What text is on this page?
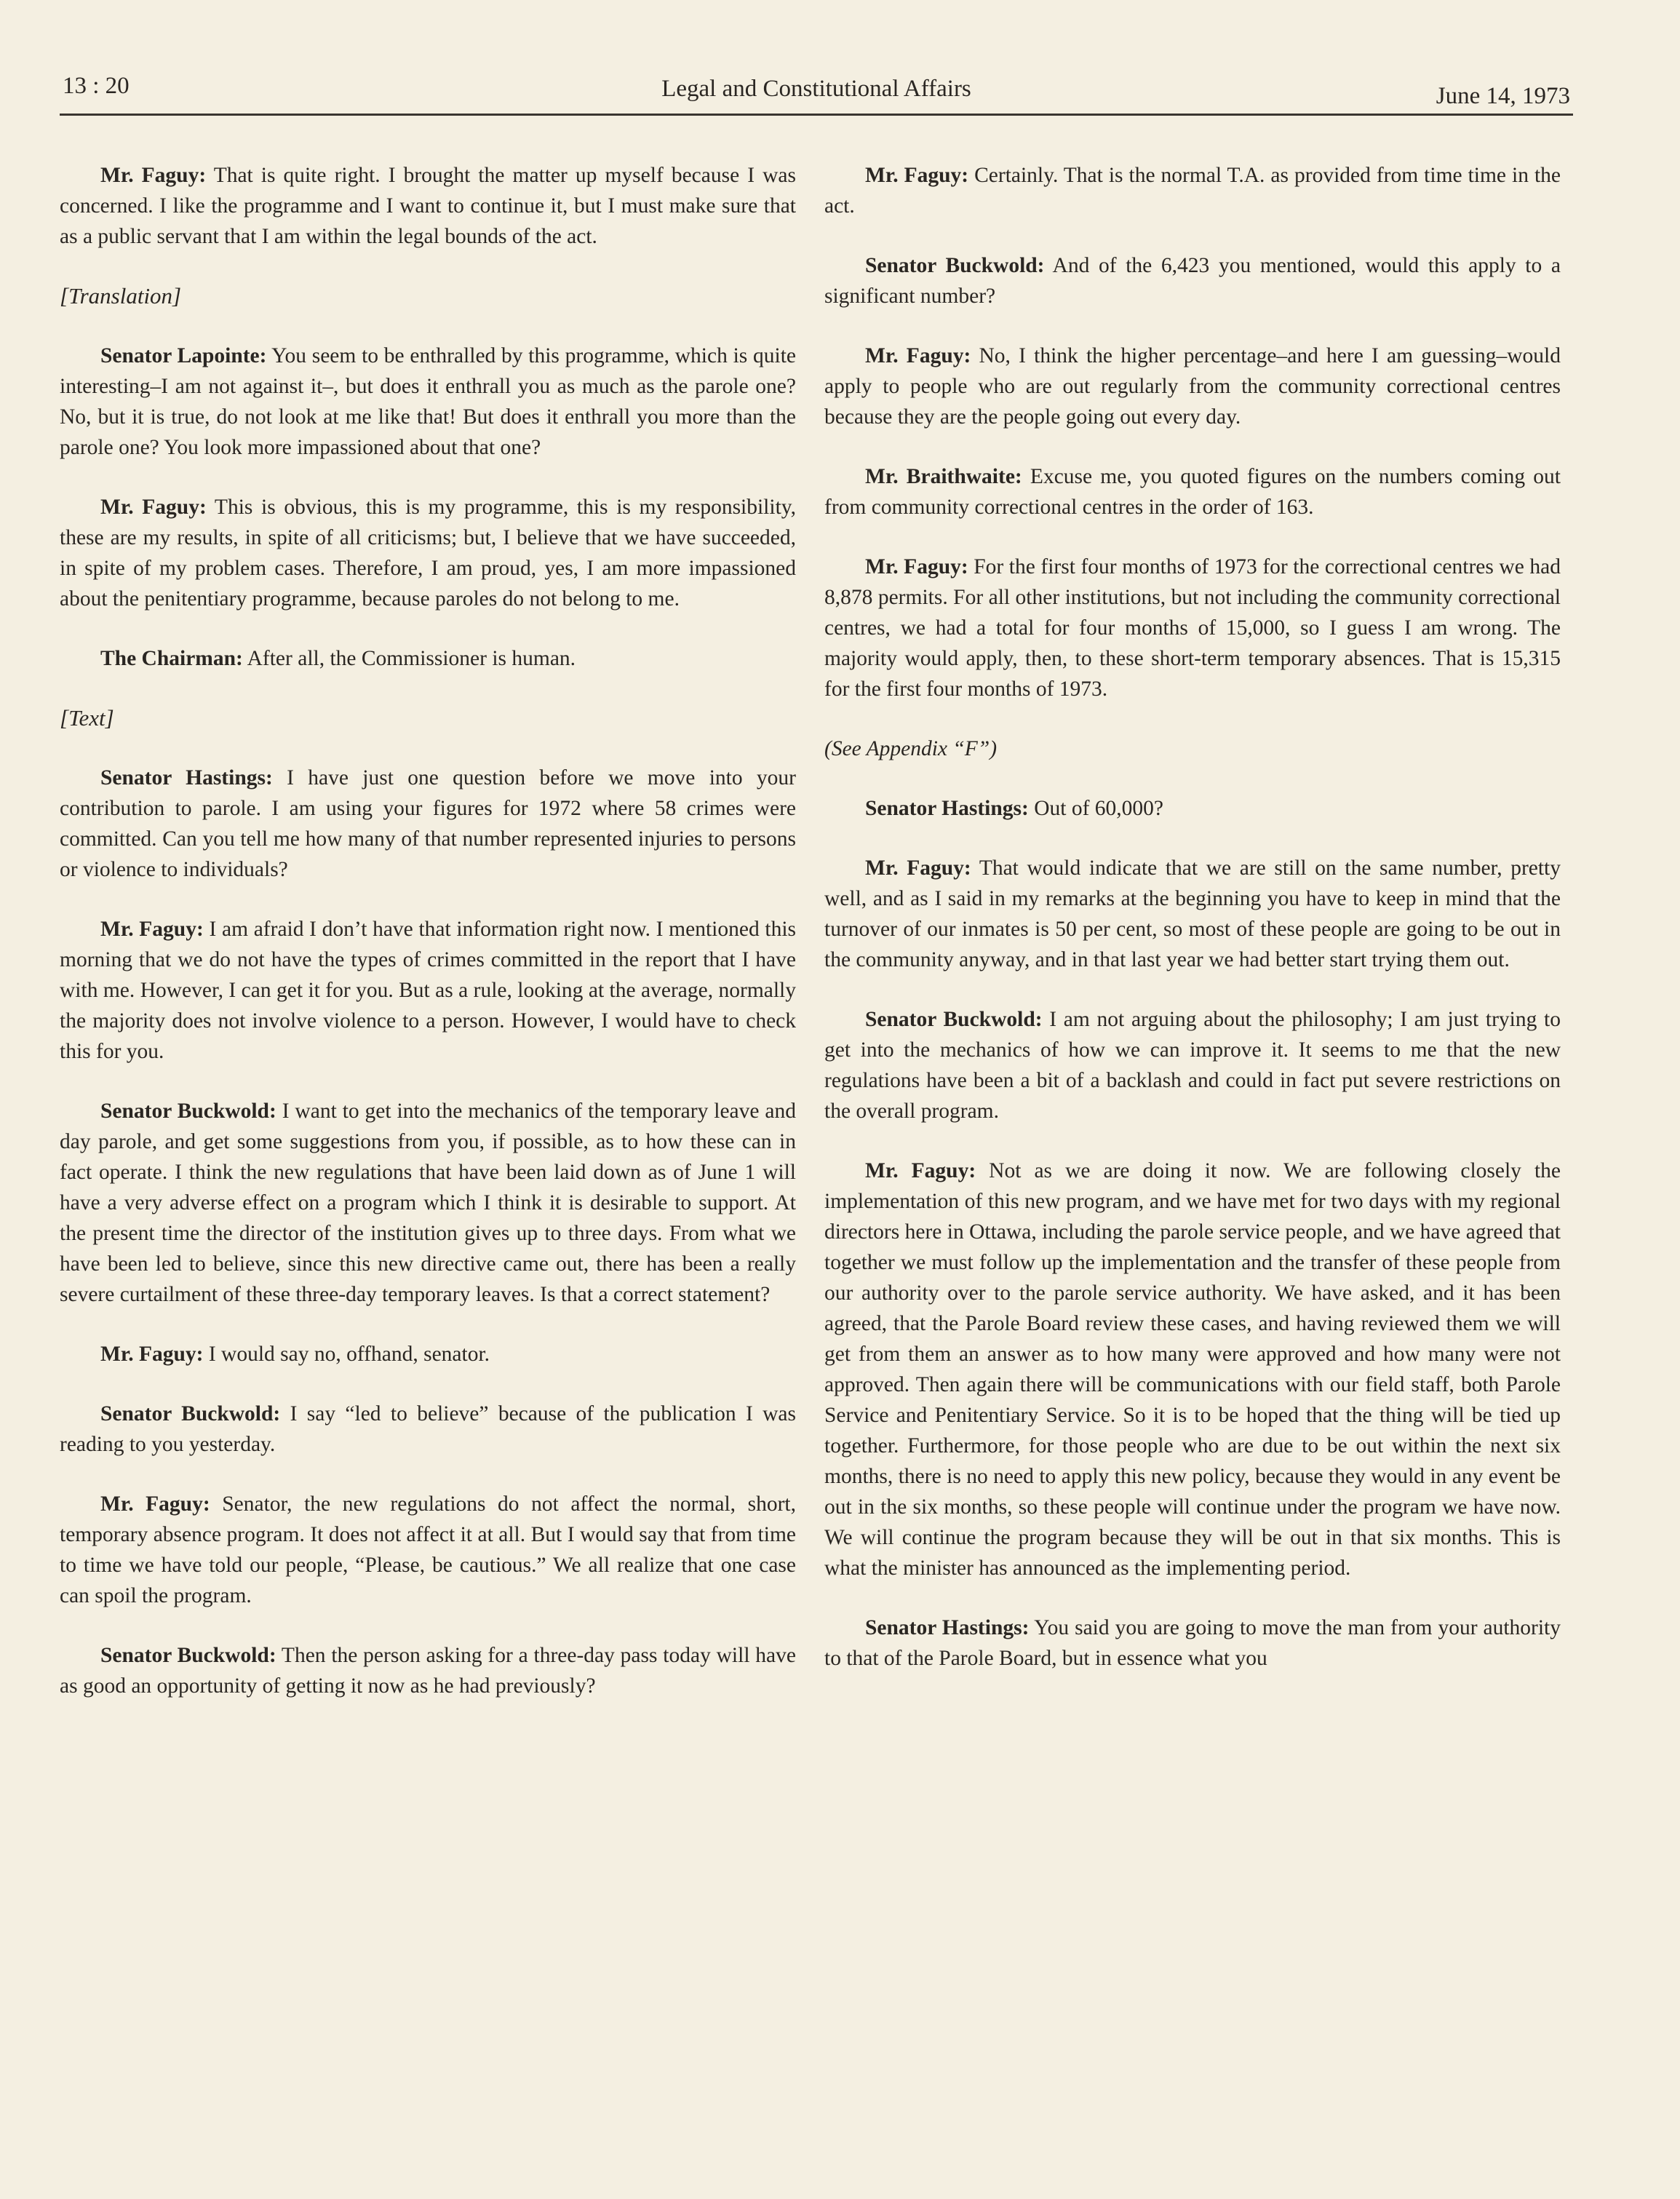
13 : 20	Legal and Constitutional Affairs	June 14, 1973

Mr. Faguy: That is quite right. I brought the matter up myself because I was concerned. I like the programme and I want to continue it, but I must make sure that as a public servant that I am within the legal bounds of the act.

[Translation]

Senator Lapointe: You seem to be enthralled by this programme, which is quite interesting–I am not against it–, but does it enthrall you as much as the parole one? No, but it is true, do not look at me like that! But does it enthrall you more than the parole one? You look more impassioned about that one?

Mr. Faguy: This is obvious, this is my programme, this is my responsibility, these are my results, in spite of all criticisms; but, I believe that we have succeeded, in spite of my problem cases. Therefore, I am proud, yes, I am more impassioned about the penitentiary programme, because paroles do not belong to me.

The Chairman: After all, the Commissioner is human.

[Text]

Senator Hastings: I have just one question before we move into your contribution to parole. I am using your figures for 1972 where 58 crimes were committed. Can you tell me how many of that number represented injuries to persons or violence to individuals?

Mr. Faguy: I am afraid I don’t have that information right now. I mentioned this morning that we do not have the types of crimes committed in the report that I have with me. However, I can get it for you. But as a rule, looking at the average, normally the majority does not involve violence to a person. However, I would have to check this for you.

Senator Buckwold: I want to get into the mechanics of the temporary leave and day parole, and get some suggestions from you, if possible, as to how these can in fact operate. I think the new regulations that have been laid down as of June 1 will have a very adverse effect on a program which I think it is desirable to support. At the present time the director of the institution gives up to three days. From what we have been led to believe, since this new directive came out, there has been a really severe curtailment of these three-day temporary leaves. Is that a correct statement?

Mr. Faguy: I would say no, offhand, senator.

Senator Buckwold: I say “led to believe” because of the publication I was reading to you yesterday.

Mr. Faguy: Senator, the new regulations do not affect the normal, short, temporary absence program. It does not affect it at all. But I would say that from time to time we have told our people, “Please, be cautious.” We all realize that one case can spoil the program.

Senator Buckwold: Then the person asking for a three-day pass today will have as good an opportunity of getting it now as he had previously?

Mr. Faguy: Certainly. That is the normal T.A. as provided from time time in the act.

Senator Buckwold: And of the 6,423 you mentioned, would this apply to a significant number?

Mr. Faguy: No, I think the higher percentage–and here I am guessing–would apply to people who are out regularly from the community correctional centres because they are the people going out every day.

Mr. Braithwaite: Excuse me, you quoted figures on the numbers coming out from community correctional centres in the order of 163.

Mr. Faguy: For the first four months of 1973 for the correctional centres we had 8,878 permits. For all other institutions, but not including the community correctional centres, we had a total for four months of 15,000, so I guess I am wrong. The majority would apply, then, to these short-term temporary absences. That is 15,315 for the first four months of 1973.

(See Appendix “F”)

Senator Hastings: Out of 60,000?

Mr. Faguy: That would indicate that we are still on the same number, pretty well, and as I said in my remarks at the beginning you have to keep in mind that the turnover of our inmates is 50 per cent, so most of these people are going to be out in the community anyway, and in that last year we had better start trying them out.

Senator Buckwold: I am not arguing about the philosophy; I am just trying to get into the mechanics of how we can improve it. It seems to me that the new regulations have been a bit of a backlash and could in fact put severe restrictions on the overall program.

Mr. Faguy: Not as we are doing it now. We are following closely the implementation of this new program, and we have met for two days with my regional directors here in Ottawa, including the parole service people, and we have agreed that together we must follow up the implementation and the transfer of these people from our authority over to the parole service authority. We have asked, and it has been agreed, that the Parole Board review these cases, and having reviewed them we will get from them an answer as to how many were approved and how many were not approved. Then again there will be communications with our field staff, both Parole Service and Penitentiary Service. So it is to be hoped that the thing will be tied up together. Furthermore, for those people who are due to be out within the next six months, there is no need to apply this new policy, because they would in any event be out in the six months, so these people will continue under the program we have now. We will continue the program because they will be out in that six months. This is what the minister has announced as the implementing period.

Senator Hastings: You said you are going to move the man from your authority to that of the Parole Board, but in essence what you
